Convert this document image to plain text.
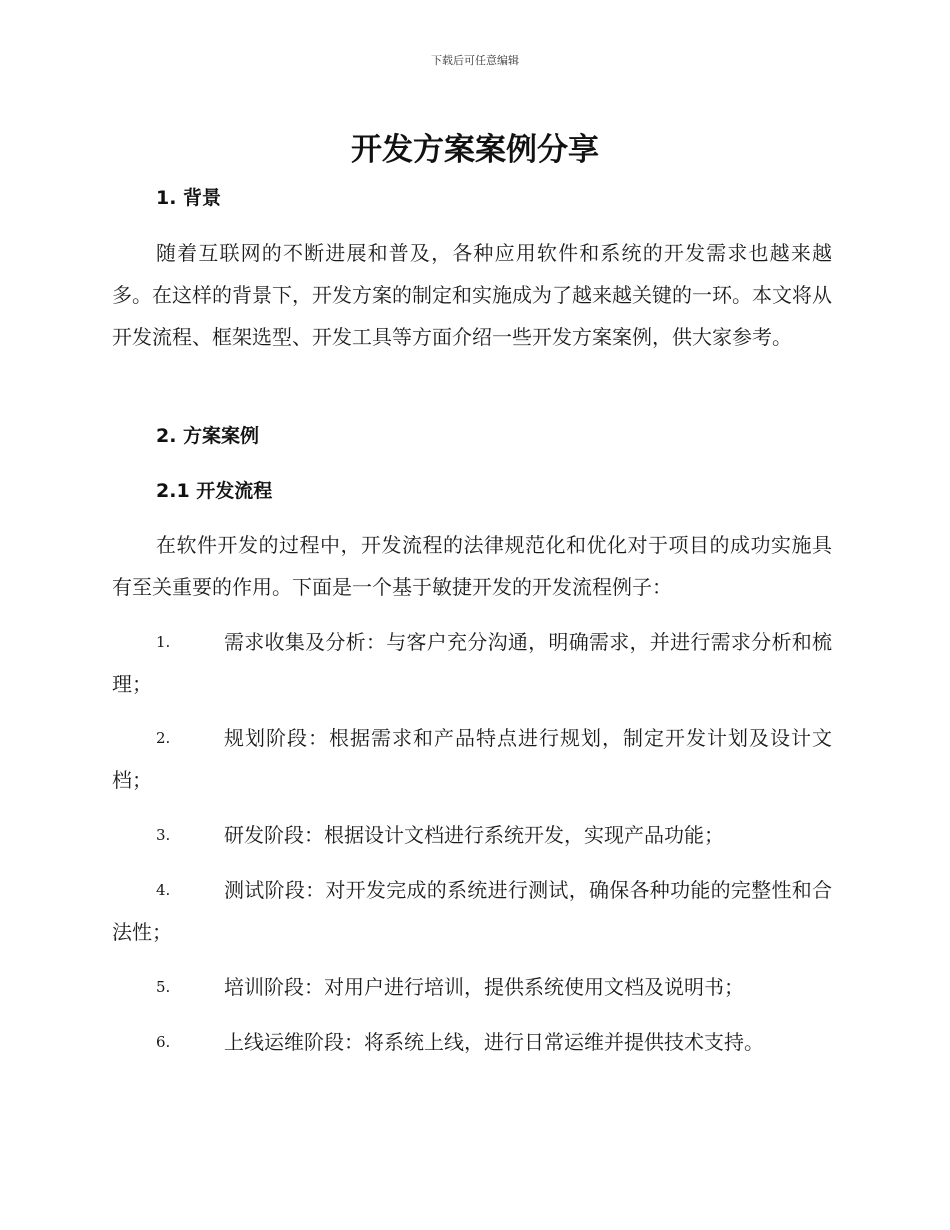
下载后可任意编辑
开发方案案例分享
1. 背景

随着互联网的不断进展和普及，各种应用软件和系统的开发需求也越来越多。在这样的背景下，开发方案的制定和实施成为了越来越关键的一环。本文将从开发流程、框架选型、开发工具等方面介绍一些开发方案案例，供大家参考。

2. 方案案例
2.1 开发流程

在软件开发的过程中，开发流程的法律规范化和优化对于项目的成功实施具有至关重要的作用。下面是一个基于敏捷开发的开发流程例子：

1.	需求收集及分析：与客户充分沟通，明确需求，并进行需求分析和梳理；
2.	规划阶段：根据需求和产品特点进行规划，制定开发计划及设计文档；
3.	研发阶段：根据设计文档进行系统开发，实现产品功能；
4.	测试阶段：对开发完成的系统进行测试，确保各种功能的完整性和合法性；
5.	培训阶段：对用户进行培训，提供系统使用文档及说明书；
6.	上线运维阶段：将系统上线，进行日常运维并提供技术支持。
